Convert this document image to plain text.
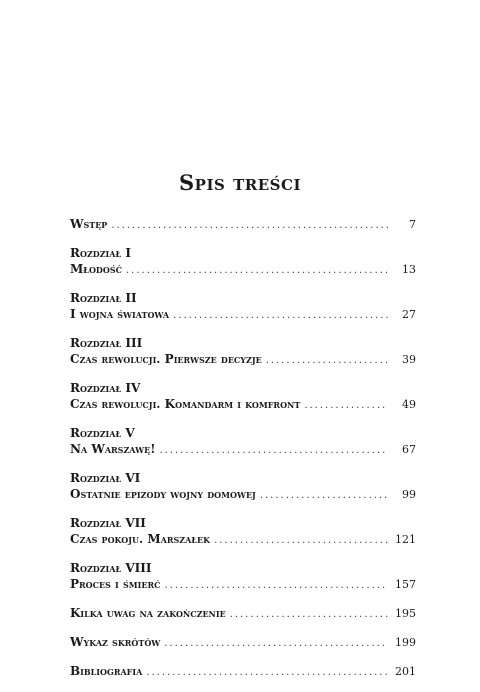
Spis treści
Wstęp .....	7
Rozdział I
Młodość .....	13
Rozdział II
I wojna światowa .....	27
Rozdział III
Czas rewolucji. Pierwsze decyzje .....	39
Rozdział IV
Czas rewolucji. Komandarm i komfront .....	49
Rozdział V
Na Warszawę! .....	67
Rozdział VI
Ostatnie epizody wojny domowej .....	99
Rozdział VII
Czas pokoju. Marszałek .....	121
Rozdział VIII
Proces i śmierć .....	157
Kilka uwag na zakończenie .....	195
Wykaz skrótów .....	199
Bibliografia .....	201
